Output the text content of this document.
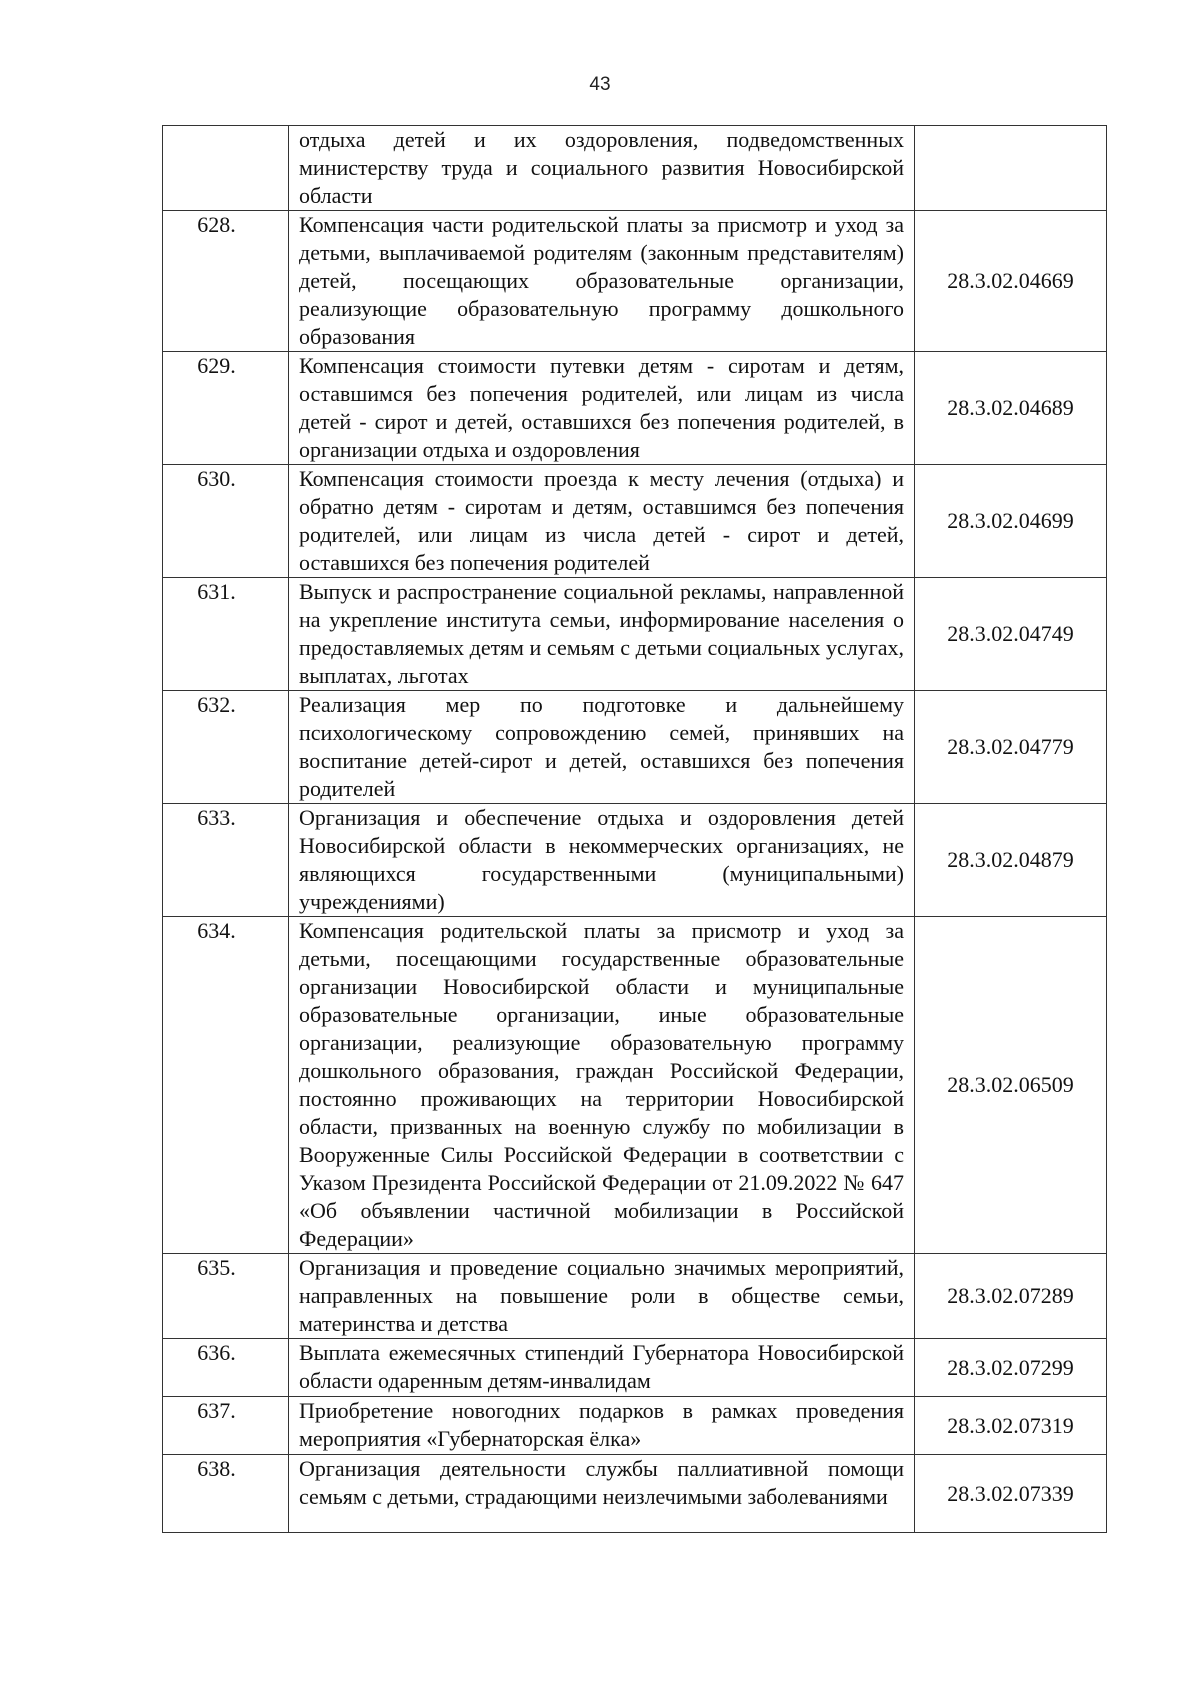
43
	отдыха детей и их оздоровления, подведомственных министерству труда и социального развития Новосибирской области	

628.	Компенсация части родительской платы за присмотр и уход за детьми, выплачиваемой родителям (законным представителям) детей, посещающих образовательные организации, реализующие образовательную программу дошкольного образования	28.3.02.04669

629.	Компенсация стоимости путевки детям - сиротам и детям, оставшимся без попечения родителей, или лицам из числа детей - сирот и детей, оставшихся без попечения родителей, в организации отдыха и оздоровления	28.3.02.04689

630.	Компенсация стоимости проезда к месту лечения (отдыха) и обратно детям - сиротам и детям, оставшимся без попечения родителей, или лицам из числа детей - сирот и детей, оставшихся без попечения родителей	28.3.02.04699

631.	Выпуск и распространение социальной рекламы, направленной на укрепление института семьи, информирование населения о предоставляемых детям и семьям с детьми социальных услугах, выплатах, льготах	28.3.02.04749

632.	Реализация мер по подготовке и дальнейшему психологическому сопровождению семей, принявших на воспитание детей-сирот и детей, оставшихся без попечения родителей	28.3.02.04779

633.	Организация и обеспечение отдыха и оздоровления детей Новосибирской области в некоммерческих организациях, не являющихся государственными (муниципальными) учреждениями)	28.3.02.04879

634.	Компенсация родительской платы за присмотр и уход за детьми, посещающими государственные образовательные организации Новосибирской области и муниципальные образовательные организации, иные образовательные организации, реализующие образовательную программу дошкольного образования, граждан Российской Федерации, постоянно проживающих на территории Новосибирской области, призванных на военную службу по мобилизации в Вооруженные Силы Российской Федерации в соответствии с Указом Президента Российской Федерации от 21.09.2022 № 647 «Об объявлении частичной мобилизации в Российской Федерации»	28.3.02.06509

635.	Организация и проведение социально значимых мероприятий, направленных на повышение роли в обществе семьи, материнства и детства	28.3.02.07289

636.	Выплата ежемесячных стипендий Губернатора Новосибирской области одаренным детям-инвалидам	28.3.02.07299

637.	Приобретение новогодних подарков в рамках проведения мероприятия «Губернаторская ёлка»	28.3.02.07319

638.	Организация деятельности службы паллиативной помощи семьям с детьми, страдающими неизлечимыми заболеваниями	28.3.02.07339
